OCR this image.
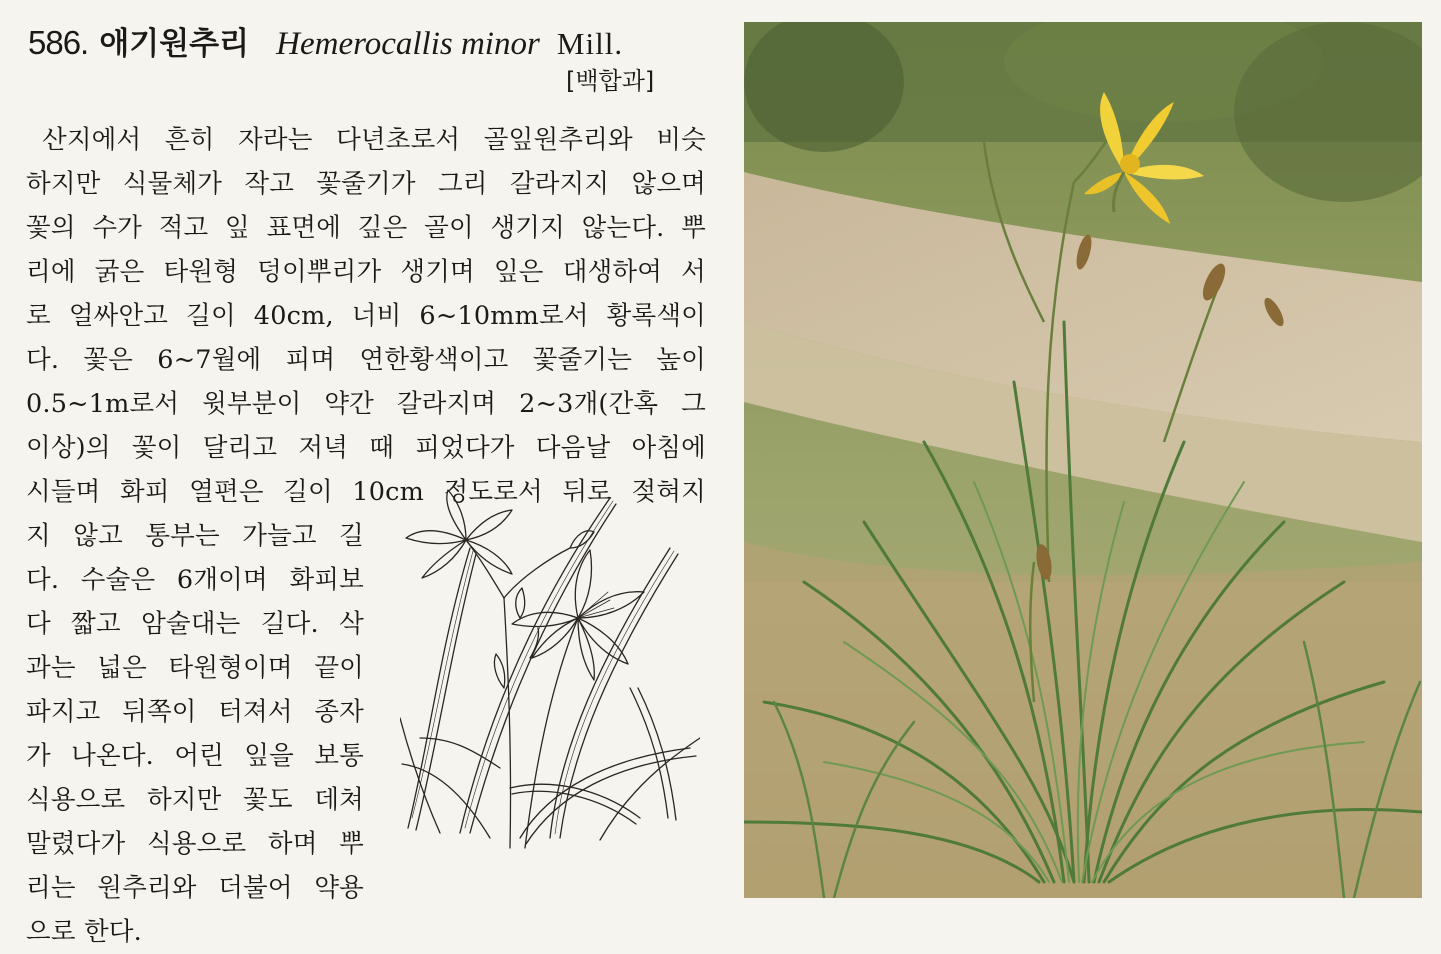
586. 애기원추리 Hemerocallis minor Mill.
[백합과]
산지에서 흔히 자라는 다년초로서 골잎원추리와 비슷
하지만 식물체가 작고 꽃줄기가 그리 갈라지지 않으며
꽃의 수가 적고 잎 표면에 깊은 골이 생기지 않는다. 뿌
리에 굵은 타원형 덩이뿌리가 생기며 잎은 대생하여 서
로 얼싸안고 길이 40cm, 너비 6~10mm로서 황록색이
다. 꽃은 6~7월에 피며 연한황색이고 꽃줄기는 높이
0.5~1m로서 윗부분이 약간 갈라지며 2~3개(간혹 그
이상)의 꽃이 달리고 저녁 때 피었다가 다음날 아침에
시들며 화피 열편은 길이 10cm 정도로서 뒤로 젖혀지
지 않고 통부는 가늘고 길
다. 수술은 6개이며 화피보
다 짧고 암술대는 길다. 삭
과는 넓은 타원형이며 끝이
파지고 뒤쪽이 터져서 종자
가 나온다. 어린 잎을 보통
식용으로 하지만 꽃도 데쳐
말렸다가 식용으로 하며 뿌
리는 원추리와 더불어 약용
으로 한다.
